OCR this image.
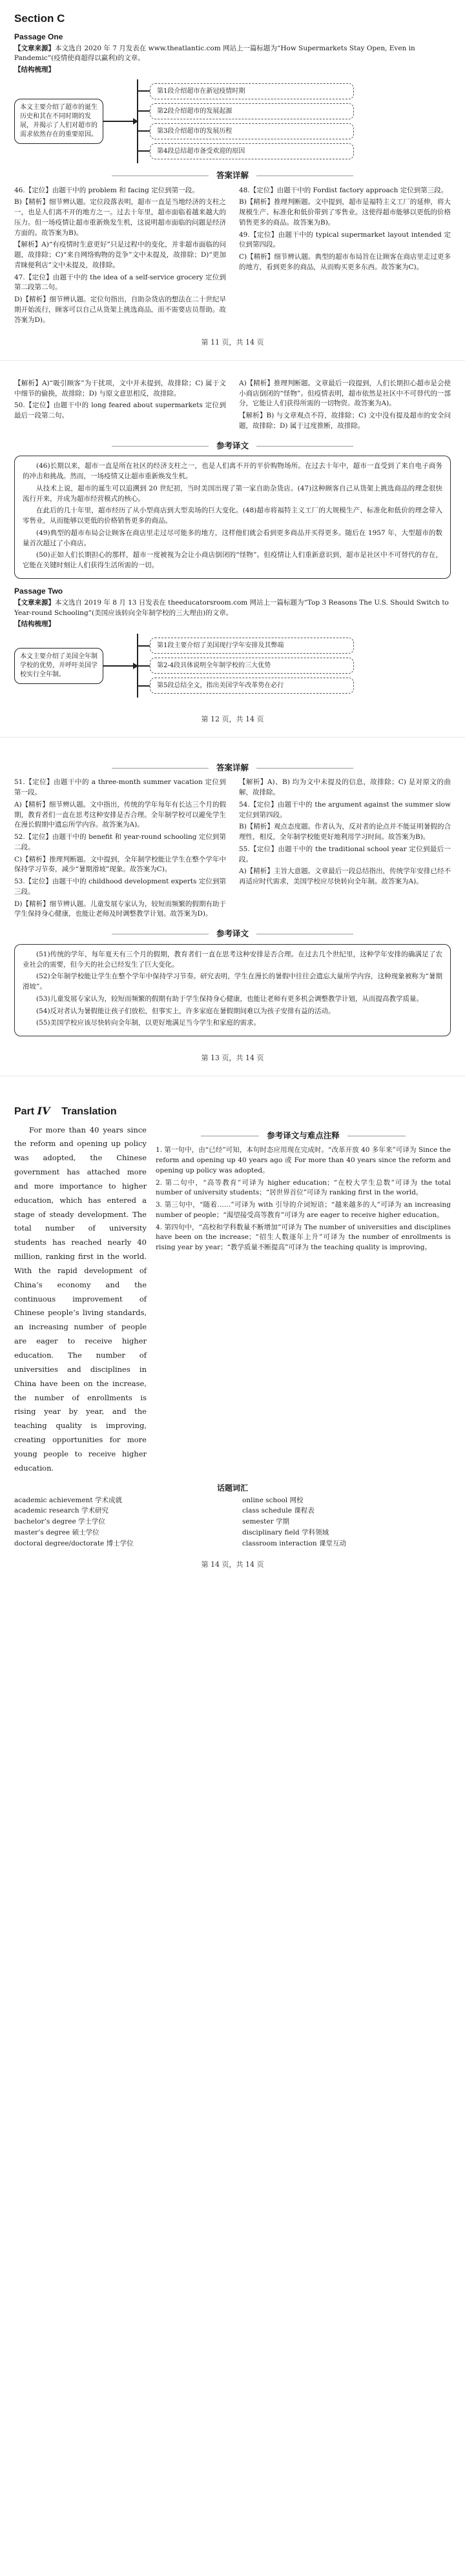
Section C
Passage One

【文章来源】本文选自 2020 年 7 月发表在 www.theatlantic.com 网站上一篇标题为“How Supermarkets Stay Open, Even in Pandemic”(疫情使商超得以赢利)的文章。

【结构梳理】

本文主要介绍了超市的诞生历史和其在不同时期的发展，并揭示了人们对超市的需求依然存在的重要原因。
第1段介绍超市在新冠疫情时期
第2段介绍超市的发展起源
第3段介绍超市的发展历程
第4段总结超市备受欢迎的原因
答案详解

46.【定位】由题干中的 problem 和 facing 定位到第一段。

B)【精析】细节辨认题。定位段落表明，超市一直是当地经济的支柱之一，也是人们离不开的地方之一。过去十年里，超市面临着越来越大的压力。但一场疫情让超市重新焕发生机，这说明超市面临的问题是经济方面的。故答案为B)。

【解析】A)“有疫情时生意更好”只是过程中的变化，并非超市面临的问题，故排除；C)“来自网络购物的竞争”文中未提及，故排除；D)“更加青睐便利店”文中未提及，故排除。

47.【定位】由题干中的 the idea of a self-service grocery 定位到第二段第二句。

D)【精析】细节辨认题。定位句指出，自助杂货店的想法在二十世纪早期开始流行，顾客可以自己从货架上挑选商品，而不需要店员帮助。故答案为D)。

48.【定位】由题干中的 Fordist factory approach 定位到第三段。

B)【精析】推理判断题。文中提到，超市是福特主义工厂的延伸，将大规模生产、标准化和低价带到了零售业。这使得超市能够以更低的价格销售更多的商品。故答案为B)。

49.【定位】由题干中的 typical supermarket layout intended 定位到第四段。

C)【精析】细节辨认题。典型的超市布局旨在让顾客在商店里走过更多的地方，看到更多的商品，从而购买更多东西。故答案为C)。

第 11 页，共 14 页

【解析】A)“吸引顾客”为干扰项，文中并未提到，故排除；C) 属于文中细节的偷换，故排除；D) 与原文意思相反，故排除。

50.【定位】由题干中的 long feared about supermarkets 定位到最后一段第二句。

A)【精析】推理判断题。文章最后一段提到，人们长期担心超市是会使小商店倒闭的“怪物”。但疫情表明，超市依然是社区中不可替代的一部分，它能让人们获得所需的一切物资。故答案为A)。

【解析】B) 与文章观点不符，故排除；C) 文中没有提及超市的安全问题，故排除；D) 属于过度推断，故排除。

参考译文

(46)长期以来，超市一直是所在社区的经济支柱之一，也是人们离不开的平价购物场所。在过去十年中，超市一直受到了来自电子商务的冲击和挑战。然而，一场疫情又让超市重新焕发生机。

从技术上说，超市的诞生可以追溯到 20 世纪初，当时美国出现了第一家自助杂货店。(47)这种顾客自己从货架上挑选商品的理念很快流行开来，并成为超市经营模式的核心。

在此后的几十年里，超市经历了从小型商店到大型卖场的巨大变化。(48)超市将福特主义工厂的大规模生产、标准化和低价的理念带入零售业，从而能够以更低的价格销售更多的商品。

(49)典型的超市布局会让顾客在商店里走过尽可能多的地方，这样他们就会看到更多商品并买得更多。随后在 1957 年，大型超市的数量首次超过了小商店。

(50)正如人们长期担心的那样，超市一度被视为会让小商店倒闭的“怪物”。但疫情让人们重新意识到，超市是社区中不可替代的存在，它能在关键时刻让人们获得生活所需的一切。

Passage Two

【文章来源】本文选自 2019 年 8 月 13 日发表在 theeducatorsroom.com 网站上一篇标题为“Top 3 Reasons The U.S. Should Switch to Year-round Schooling”(美国应该转向全年制学校的三大理由)的文章。

【结构梳理】

本文主要介绍了美国全年制学校的优势，并呼吁美国学校实行全年制。
第1段主要介绍了美国现行学年安排及其弊端
第2-4段具体说明全年制学校的三大优势
第5段总结全文，指出美国学年改革势在必行
第 12 页，共 14 页
答案详解

51.【定位】由题干中的 a three-month summer vacation 定位到第一段。

A)【精析】细节辨认题。文中指出，传统的学年每年有长达三个月的假期，教育者们一直在思考这种安排是否合理。全年制学校可以避免学生在漫长假期中遗忘所学内容。故答案为A)。

52.【定位】由题干中的 benefit 和 year-round schooling 定位到第二段。

C)【精析】推理判断题。文中提到，全年制学校能让学生在整个学年中保持学习节奏，减少“暑期滑坡”现象。故答案为C)。

53.【定位】由题干中的 childhood development experts 定位到第三段。

D)【精析】细节辨认题。儿童发展专家认为，较短而频繁的假期有助于学生保持身心健康，也能让老师及时调整教学计划。故答案为D)。

【解析】A)、B) 均为文中未提及的信息，故排除；C) 是对原文的曲解，故排除。

54.【定位】由题干中的 the argument against the summer slow 定位到第四段。

B)【精析】观点态度题。作者认为，反对者的论点并不能证明暑假的合理性，相反，全年制学校能更好地利用学习时间。故答案为B)。

55.【定位】由题干中的 the traditional school year 定位到最后一段。

A)【精析】主旨大意题。文章最后一段总结指出，传统学年安排已经不再适应时代需求，美国学校应尽快转向全年制。故答案为A)。

参考译文

(51)传统的学年，每年夏天有三个月的假期，教育者们一直在思考这种安排是否合理。在过去几个世纪里，这种学年安排的确满足了农业社会的需要，但今天的社会已经发生了巨大变化。

(52)全年制学校能让学生在整个学年中保持学习节奏。研究表明，学生在漫长的暑假中往往会遗忘大量所学内容，这种现象被称为“暑期滑坡”。

(53)儿童发展专家认为，较短而频繁的假期有助于学生保持身心健康，也能让老师有更多机会调整教学计划，从而提高教学质量。

(54)反对者认为暑假能让孩子们放松，但事实上，许多家庭在暑假期间难以为孩子安排有益的活动。

(55)美国学校应该尽快转向全年制，以更好地满足当今学生和家庭的需求。

第 13 页，共 14 页
Part IV Translation

For more than 40 years since the reform and opening up policy was adopted, the Chinese government has attached more and more importance to higher education, which has entered a stage of steady development. The total number of university students has reached nearly 40 million, ranking first in the world. With the rapid development of China’s economy and the continuous improvement of Chinese people’s living standards, an increasing number of people are eager to receive higher education. The number of universities and disciplines in China have been on the increase, the number of enrollments is rising year by year, and the teaching quality is improving, creating opportunities for more young people to receive higher education.

参考译文与难点注释

1. 第一句中，由“已经”可知，本句时态应用现在完成时。“改革开放 40 多年来”可译为 Since the reform and opening up 40 years ago 或 For more than 40 years since the reform and opening up policy was adopted。

2. 第二句中，“高等教育”可译为 higher education；“在校大学生总数”可译为 the total number of university students；“居世界首位”可译为 ranking first in the world。

3. 第三句中，“随着……”可译为 with 引导的介词短语；“越来越多的人”可译为 an increasing number of people；“渴望接受高等教育”可译为 are eager to receive higher education。

4. 第四句中，“高校和学科数量不断增加”可译为 The number of universities and disciplines have been on the increase；“招生人数逐年上升”可译为 the number of enrollments is rising year by year；“教学质量不断提高”可译为 the teaching quality is improving。

话题词汇
academic achievement 学术成就	online school 网校
academic research 学术研究	class schedule 课程表
bachelor’s degree 学士学位	semester 学期
master’s degree 硕士学位	disciplinary field 学科领域
doctoral degree/doctorate 博士学位	classroom interaction 课堂互动
第 14 页，共 14 页
